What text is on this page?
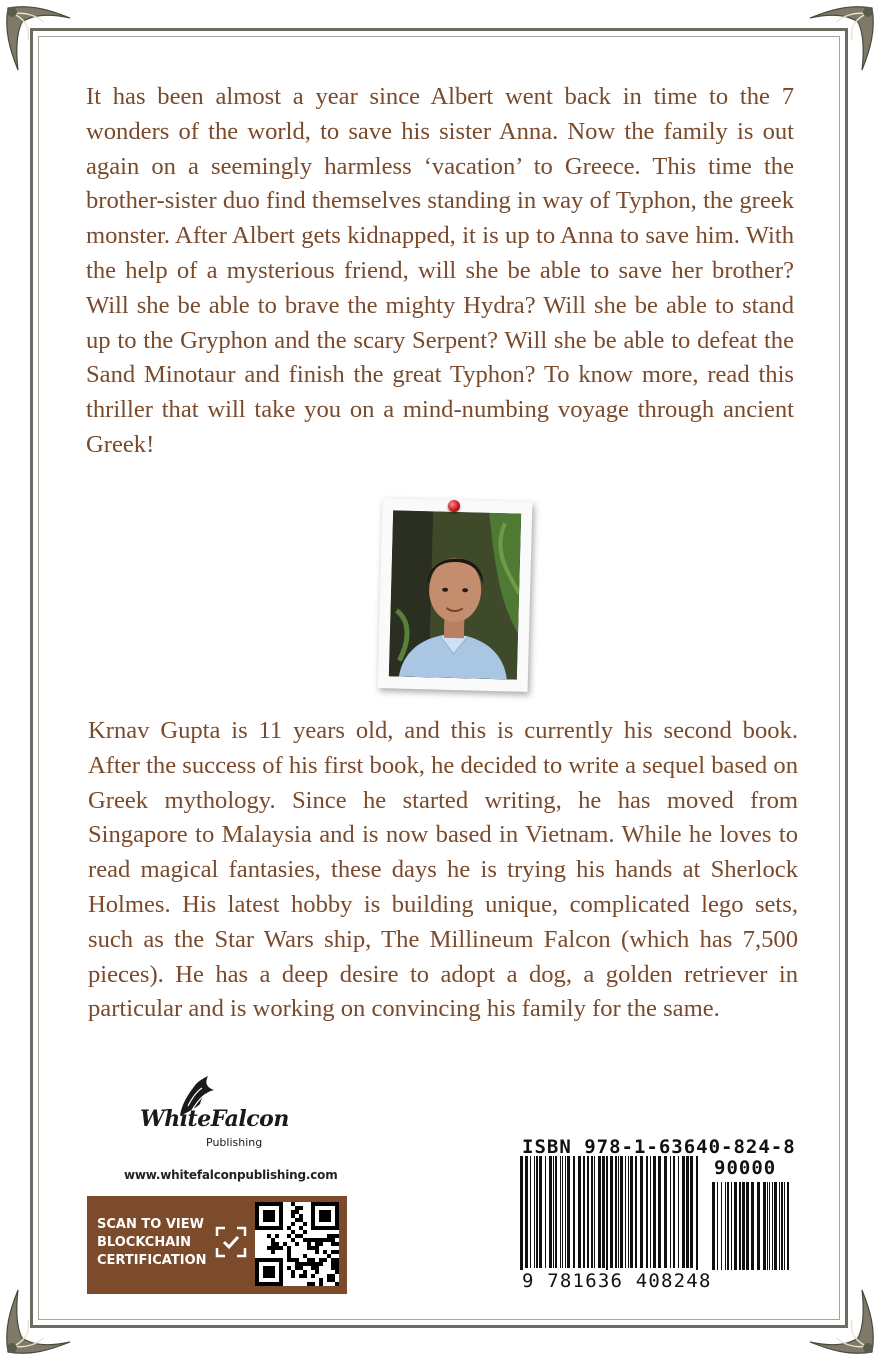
It has been almost a year since Albert went back in time to the 7 wonders of the world, to save his sister Anna. Now the family is out again on a seemingly harmless ‘vacation’ to Greece. This time the brother-sister duo find themselves standing in way of Typhon, the greek monster. After Albert gets kidnapped, it is up to Anna to save him. With the help of a mysterious friend, will she be able to save her brother? Will she be able to brave the mighty Hydra? Will she be able to stand up to the Gryphon and the scary Serpent? Will she be able to defeat the Sand Minotaur and finish the great Typhon? To know more, read this thriller that will take you on a mind-numbing voyage through ancient Greek!

Krnav Gupta is 11 years old, and this is currently his second book. After the success of his first book, he decided to write a sequel based on Greek mythology. Since he started writing, he has moved from Singapore to Malaysia and is now based in Vietnam. While he loves to read magical fantasies, these days he is trying his hands at Sherlock Holmes. His latest hobby is building unique, complicated lego sets, such as the Star Wars ship, The Millineum Falcon (which has 7,500 pieces). He has a deep desire to adopt a dog, a golden retriever in particular and is working on convincing his family for the same.

WhiteFalcon
Publishing
www.whitefalconpublishing.com
SCAN TO VIEW
BLOCKCHAIN
CERTIFICATION
ISBN 978-1-63640-824-8
90000
9 781636 408248
